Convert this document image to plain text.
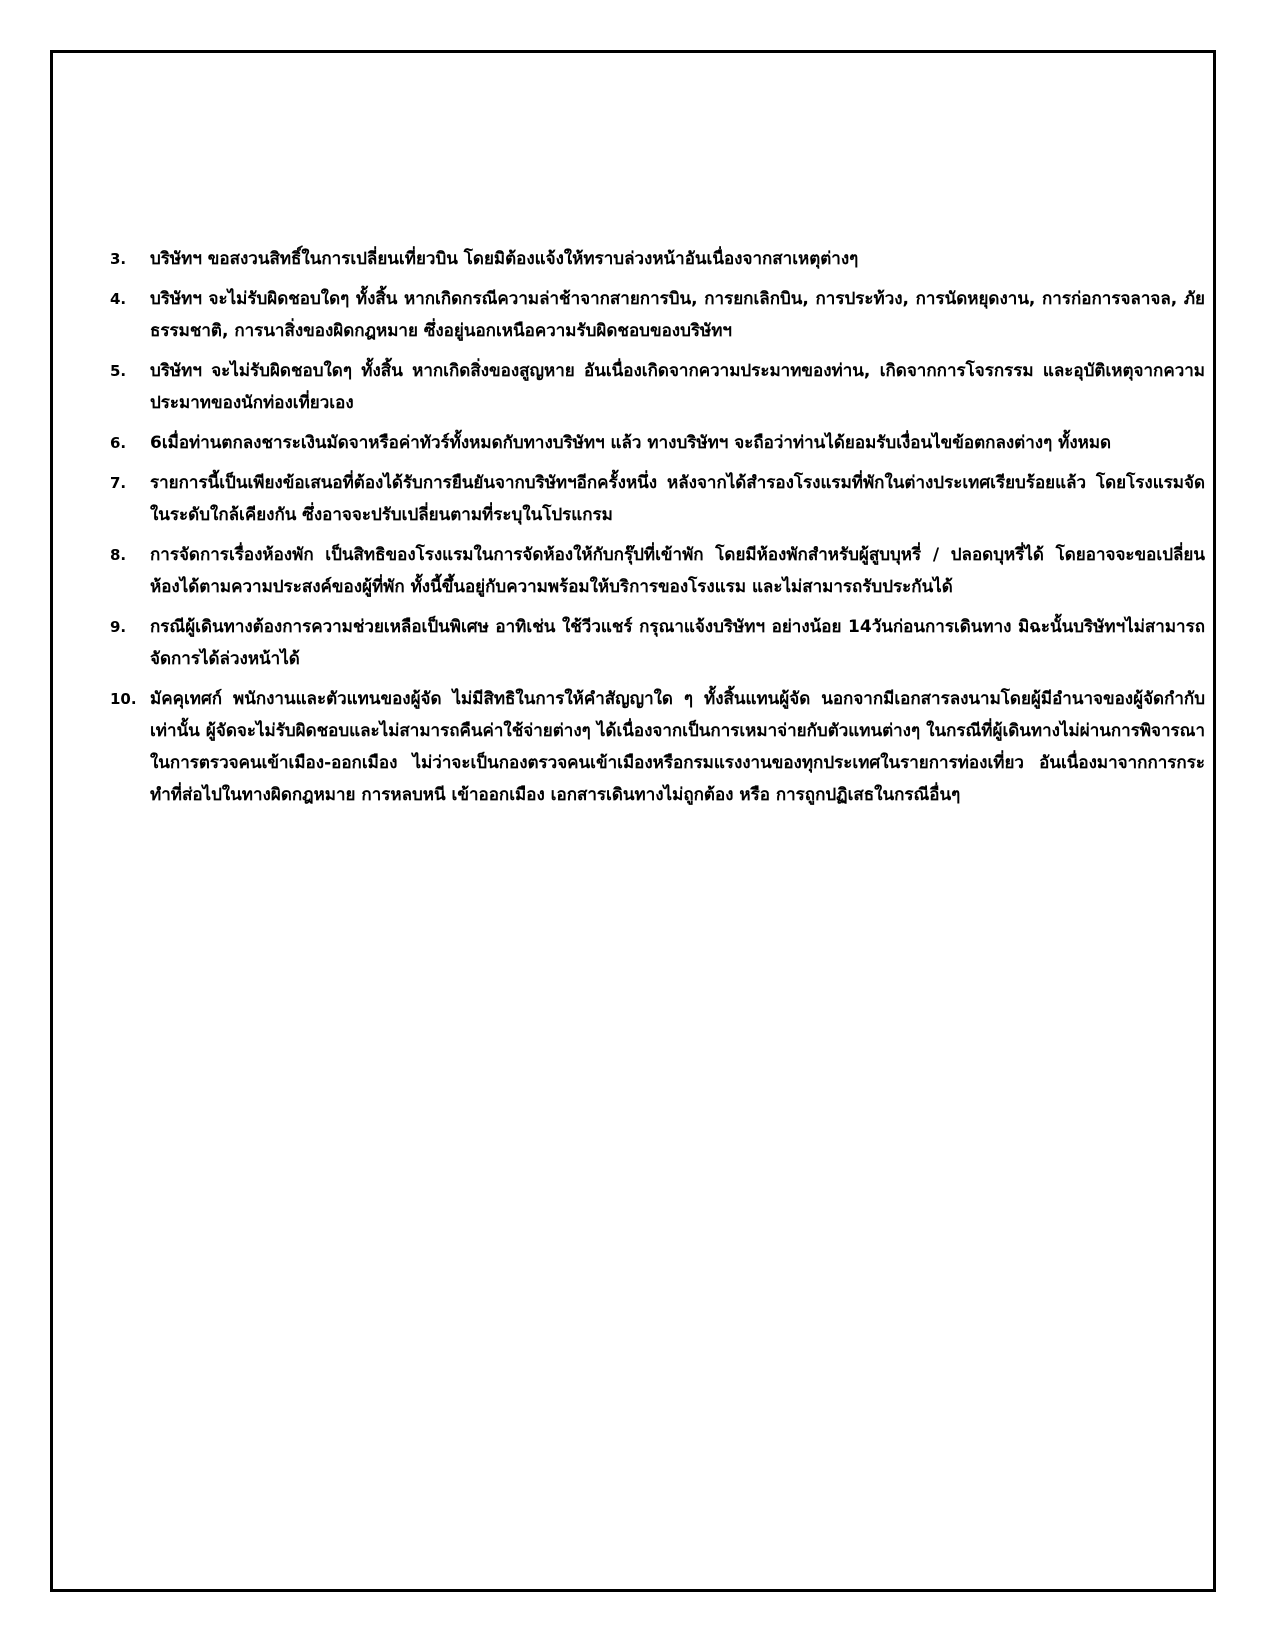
3.	บริษัทฯ ขอสงวนสิทธิ์ในการเปลี่ยนเที่ยวบิน โดยมิต้องแจ้งให้ทราบล่วงหน้าอันเนื่องจากสาเหตุต่างๆ
4.	บริษัทฯ จะไม่รับผิดชอบใดๆ ทั้งสิ้น หากเกิดกรณีความล่าช้าจากสายการบิน, การยกเลิกบิน, การประท้วง, การนัดหยุดงาน, การก่อการจลาจล, ภัยธรรมชาติ, การนาสิ่งของผิดกฎหมาย ซึ่งอยู่นอกเหนือความรับผิดชอบของบริษัทฯ
5.	บริษัทฯ จะไม่รับผิดชอบใดๆ ทั้งสิ้น หากเกิดสิ่งของสูญหาย อันเนื่องเกิดจากความประมาทของท่าน, เกิดจากการโจรกรรม และอุบัติเหตุจากความประมาทของนักท่องเที่ยวเอง
6.	6เมื่อท่านตกลงชาระเงินมัดจาหรือค่าทัวร์ทั้งหมดกับทางบริษัทฯ แล้ว ทางบริษัทฯ จะถือว่าท่านได้ยอมรับเงื่อนไขข้อตกลงต่างๆ ทั้งหมด
7.	รายการนี้เป็นเพียงข้อเสนอที่ต้องได้รับการยืนยันจากบริษัทฯอีกครั้งหนึ่ง หลังจากได้สำรองโรงแรมที่พักในต่างประเทศเรียบร้อยแล้ว โดยโรงแรมจัดในระดับใกล้เคียงกัน ซึ่งอาจจะปรับเปลี่ยนตามที่ระบุในโปรแกรม
8.	การจัดการเรื่องห้องพัก เป็นสิทธิของโรงแรมในการจัดห้องให้กับกรุ๊ปที่เข้าพัก โดยมีห้องพักสำหรับผู้สูบบุหรี่ / ปลอดบุหรี่ได้ โดยอาจจะขอเปลี่ยนห้องได้ตามความประสงค์ของผู้ที่พัก ทั้งนี้ขึ้นอยู่กับความพร้อมให้บริการของโรงแรม และไม่สามารถรับประกันได้
9.	กรณีผู้เดินทางต้องการความช่วยเหลือเป็นพิเศษ อาทิเช่น ใช้วีวแชร์ กรุณาแจ้งบริษัทฯ อย่างน้อย 14วันก่อนการเดินทาง มิฉะนั้นบริษัทฯไม่สามารถจัดการได้ล่วงหน้าได้
10. มัคคุเทศก์ พนักงานและตัวแทนของผู้จัด ไม่มีสิทธิในการให้คำสัญญาใด ๆ ทั้งสิ้นแทนผู้จัด นอกจากมีเอกสารลงนามโดยผู้มีอำนาจของผู้จัดกำกับเท่านั้น ผู้จัดจะไม่รับผิดชอบและไม่สามารถคืนค่าใช้จ่ายต่างๆ ได้เนื่องจากเป็นการเหมาจ่ายกับตัวแทนต่างๆ ในกรณีที่ผู้เดินทางไม่ผ่านการพิจารณาในการตรวจคนเข้าเมือง-ออกเมือง ไม่ว่าจะเป็นกองตรวจคนเข้าเมืองหรือกรมแรงงานของทุกประเทศในรายการท่องเที่ยว อันเนื่องมาจากการกระทำที่ส่อไปในทางผิดกฎหมาย การหลบหนี เข้าออกเมือง เอกสารเดินทางไม่ถูกต้อง หรือ การถูกปฏิเสธในกรณีอื่นๆ
